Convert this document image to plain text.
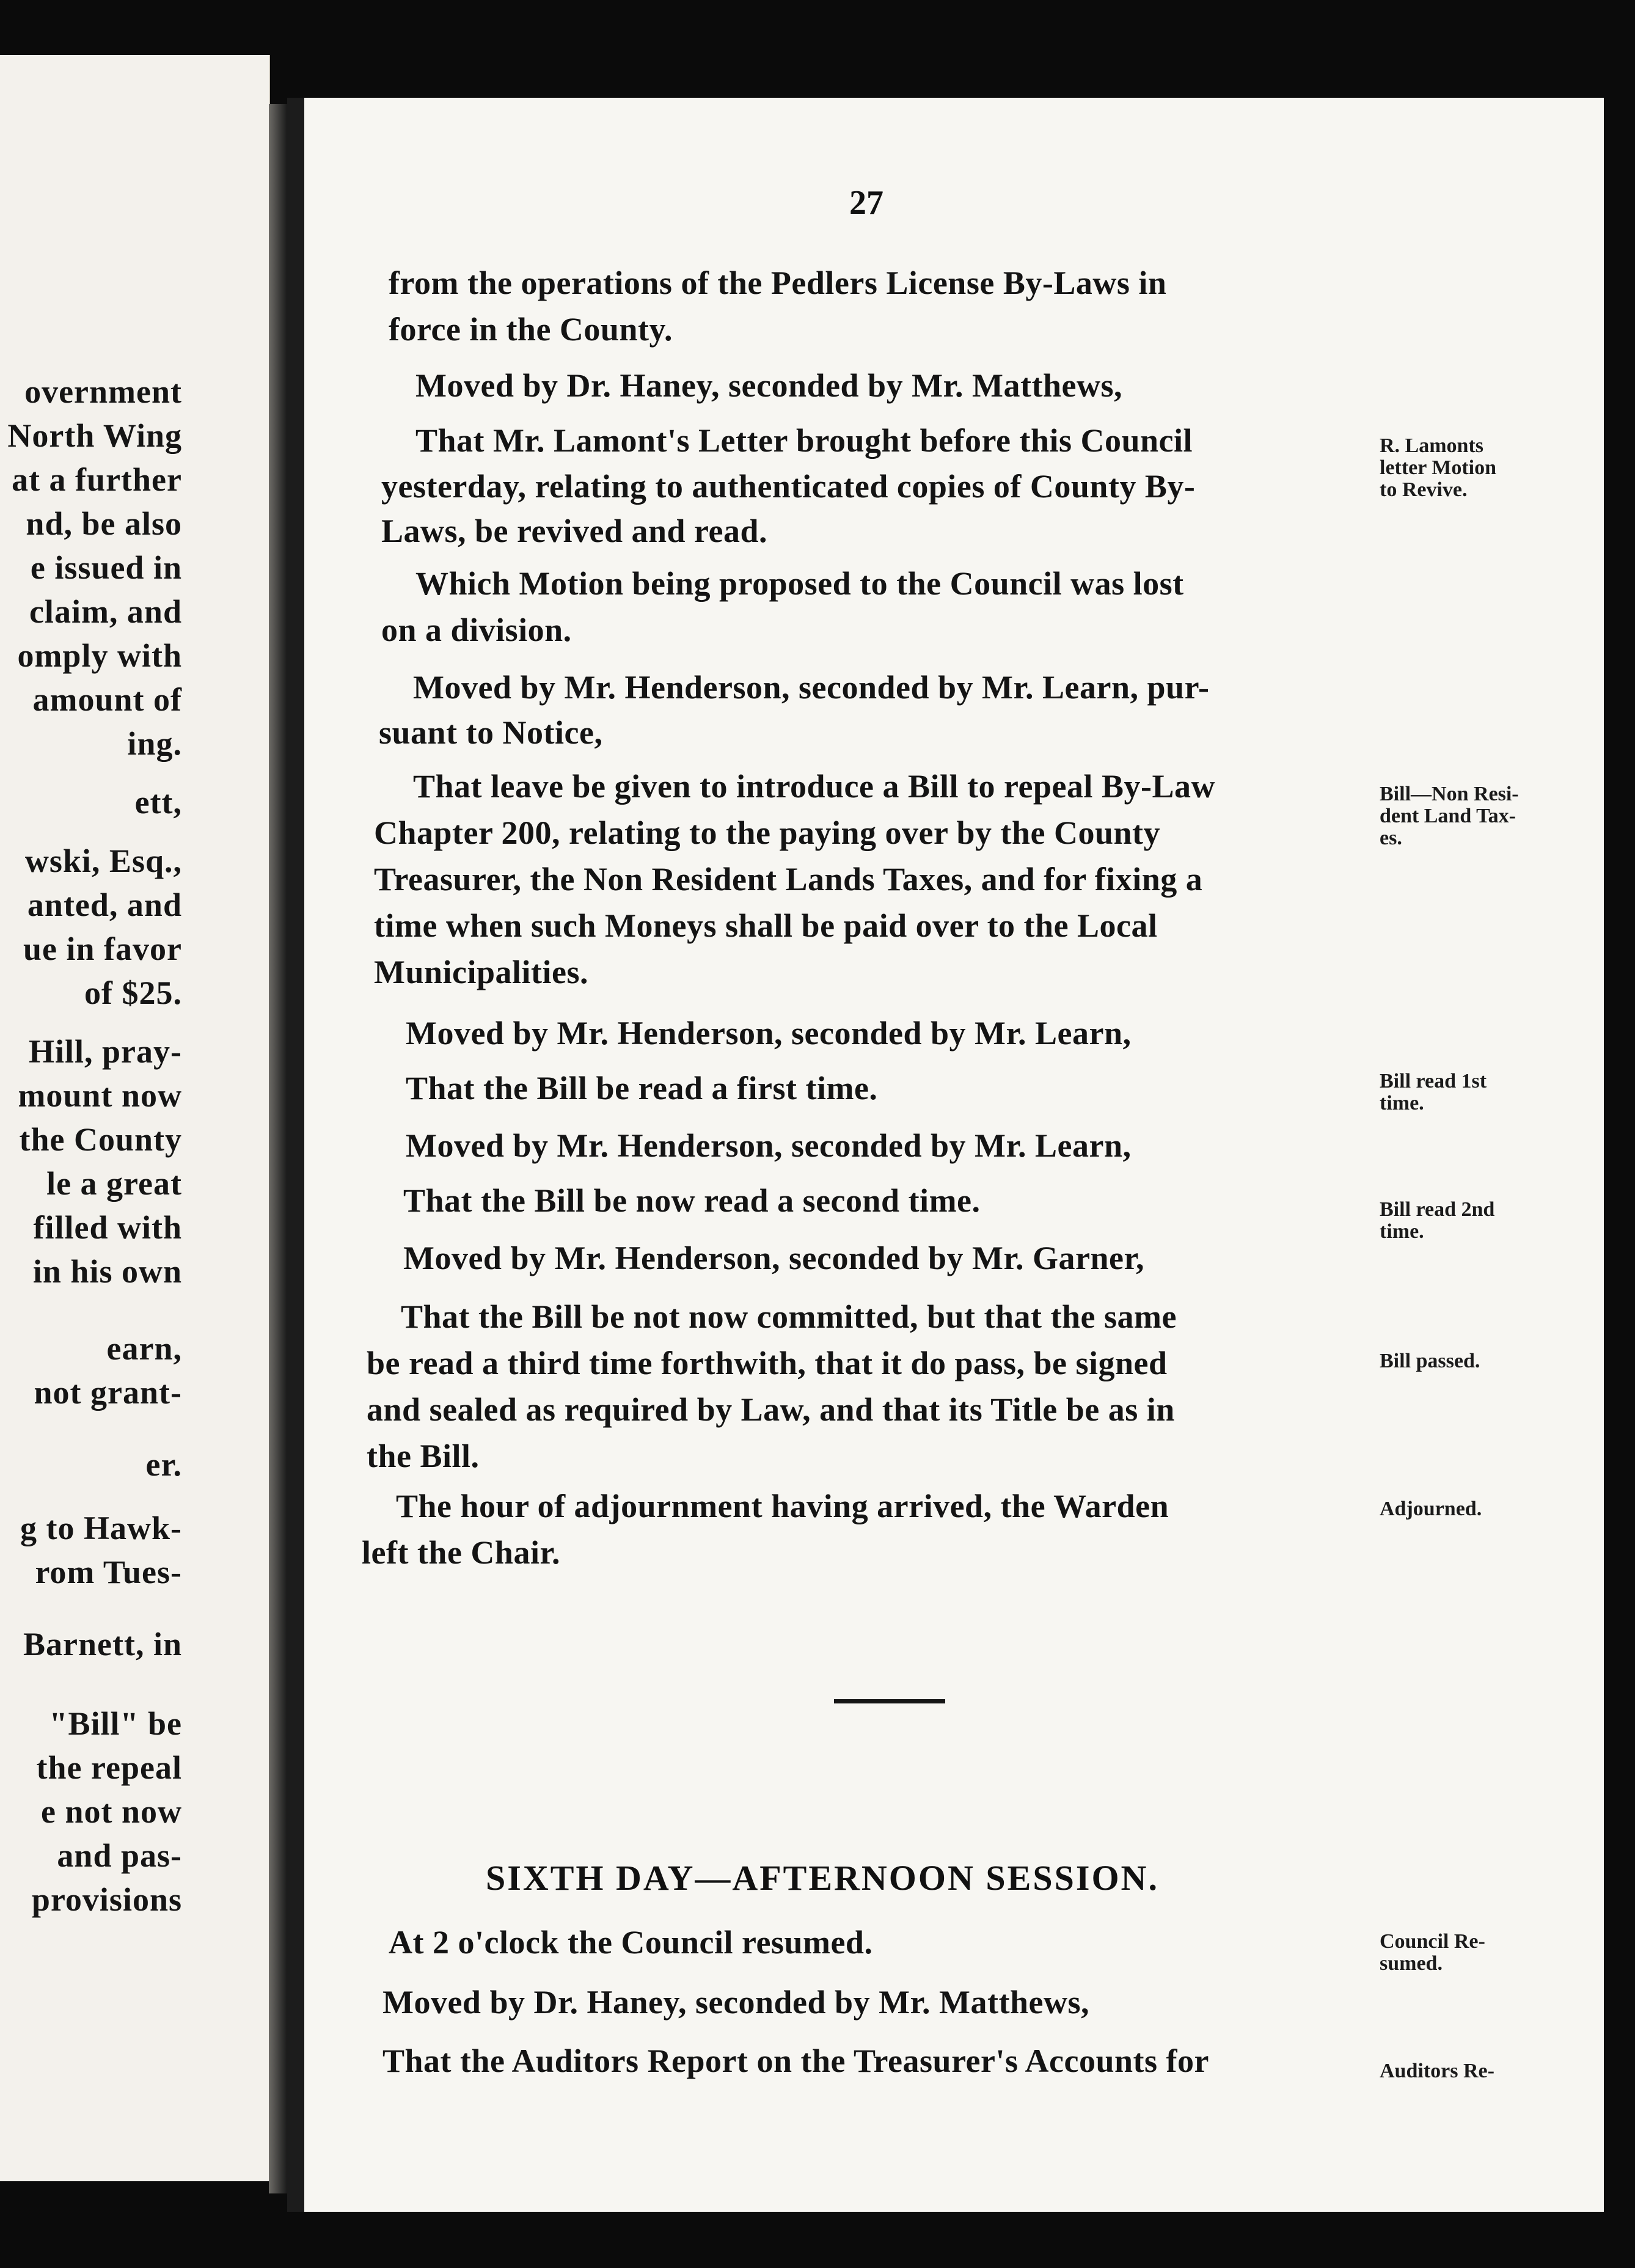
overnment
North Wing
at a further
nd, be also
e issued in
claim, and
omply with
amount of
ing.
ett,
wski, Esq.,
anted, and
ue in favor
of $25.
Hill, pray-
mount now
the County
le a great
filled with
in his own
earn,
not grant-
er.
g to Hawk-
rom Tues-
Barnett, in
"Bill" be
the repeal
e not now
and pas-
provisions
27
from the operations of the Pedlers License By-Laws in
force in the County.
Moved by Dr. Haney, seconded by Mr. Matthews,
That Mr. Lamont's Letter brought before this Council
yesterday, relating to authenticated copies of County By-
Laws, be revived and read.
Which Motion being proposed to the Council was lost
on a division.
Moved by Mr. Henderson, seconded by Mr. Learn, pur-
suant to Notice,
That leave be given to introduce a Bill to repeal By-Law
Chapter 200, relating to the paying over by the County
Treasurer, the Non Resident Lands Taxes, and for fixing a
time when such Moneys shall be paid over to the Local
Municipalities.
Moved by Mr. Henderson, seconded by Mr. Learn,
That the Bill be read a first time.
Moved by Mr. Henderson, seconded by Mr. Learn,
That the Bill be now read a second time.
Moved by Mr. Henderson, seconded by Mr. Garner,
That the Bill be not now committed, but that the same
be read a third time forthwith, that it do pass, be signed
and sealed as required by Law, and that its Title be as in
the Bill.
The hour of adjournment having arrived, the Warden
left the Chair.
SIXTH DAY—AFTERNOON SESSION.
At 2 o'clock the Council resumed.
Moved by Dr. Haney, seconded by Mr. Matthews,
That the Auditors Report on the Treasurer's Accounts for
R. Lamonts
letter Motion
to Revive.
Bill—Non Resi-
dent Land Tax-
es.
Bill read 1st
time.
Bill read 2nd
time.
Bill passed.
Adjourned.
Council Re-
sumed.
Auditors Re-
